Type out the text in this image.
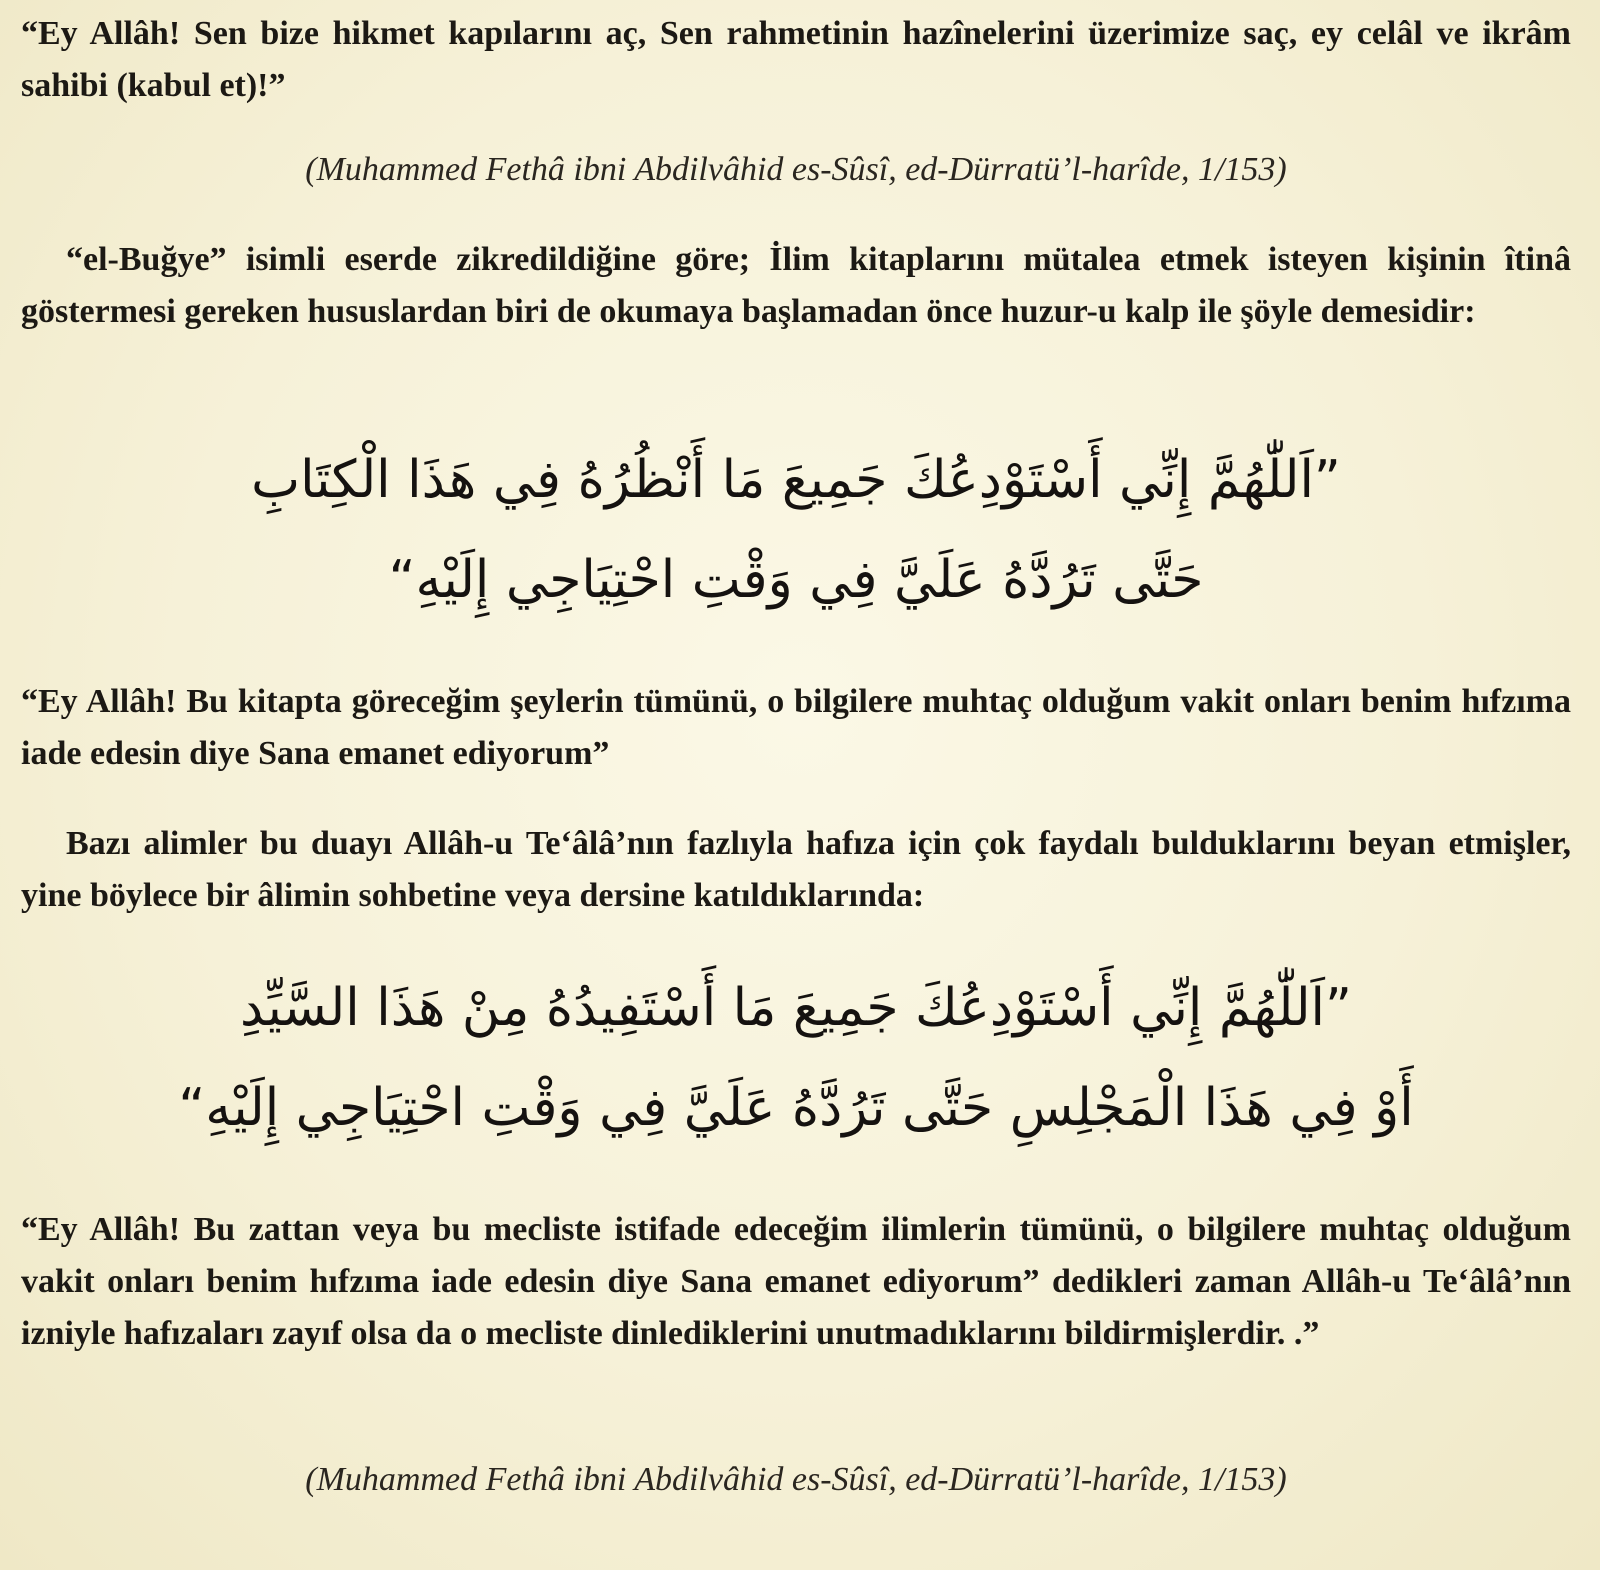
“Ey Allâh! Sen bize hikmet kapılarını aç, Sen rahmetinin hazînelerini üzerimize saç, ey celâl ve ikrâm sahibi (kabul et)!”

(Muhammed Fethâ ibni Abdilvâhid es-Sûsî, ed-Dürratü’l-harîde, 1/153)

“el-Buğye” isimli eserde zikredildiğine göre; İlim kitaplarını mütalea etmek isteyen kişinin îtinâ göstermesi gereken hususlardan biri de okumaya başlamadan önce huzur-u kalp ile şöyle demesidir:

”اَللّٰهُمَّ إِنِّي أَسْتَوْدِعُكَ جَمِيعَ مَا أَنْظُرُهُ فِي هَذَا الْكِتَابِ
حَتَّى تَرُدَّهُ عَلَيَّ فِي وَقْتِ احْتِيَاجِي إِلَيْهِ“

“Ey Allâh! Bu kitapta göreceğim şeylerin tümünü, o bilgilere muhtaç olduğum vakit onları benim hıfzıma iade edesin diye Sana emanet ediyorum”

Bazı alimler bu duayı Allâh-u Te‘âlâ’nın fazlıyla hafıza için çok faydalı bulduklarını beyan etmişler, yine böylece bir âlimin sohbetine veya dersine katıldıklarında:

”اَللّٰهُمَّ إِنِّي أَسْتَوْدِعُكَ جَمِيعَ مَا أَسْتَفِيدُهُ مِنْ هَذَا السَّيِّدِ
أَوْ فِي هَذَا الْمَجْلِسِ حَتَّى تَرُدَّهُ عَلَيَّ فِي وَقْتِ احْتِيَاجِي إِلَيْهِ“

“Ey Allâh! Bu zattan veya bu mecliste istifade edeceğim ilimlerin tümünü, o bilgilere muhtaç olduğum vakit onları benim hıfzıma iade edesin diye Sana emanet ediyorum” dedikleri zaman Allâh-u Te‘âlâ’nın izniyle hafızaları zayıf olsa da o mecliste dinlediklerini unutmadıklarını bildirmişlerdir. .”

(Muhammed Fethâ ibni Abdilvâhid es-Sûsî, ed-Dürratü’l-harîde, 1/153)
